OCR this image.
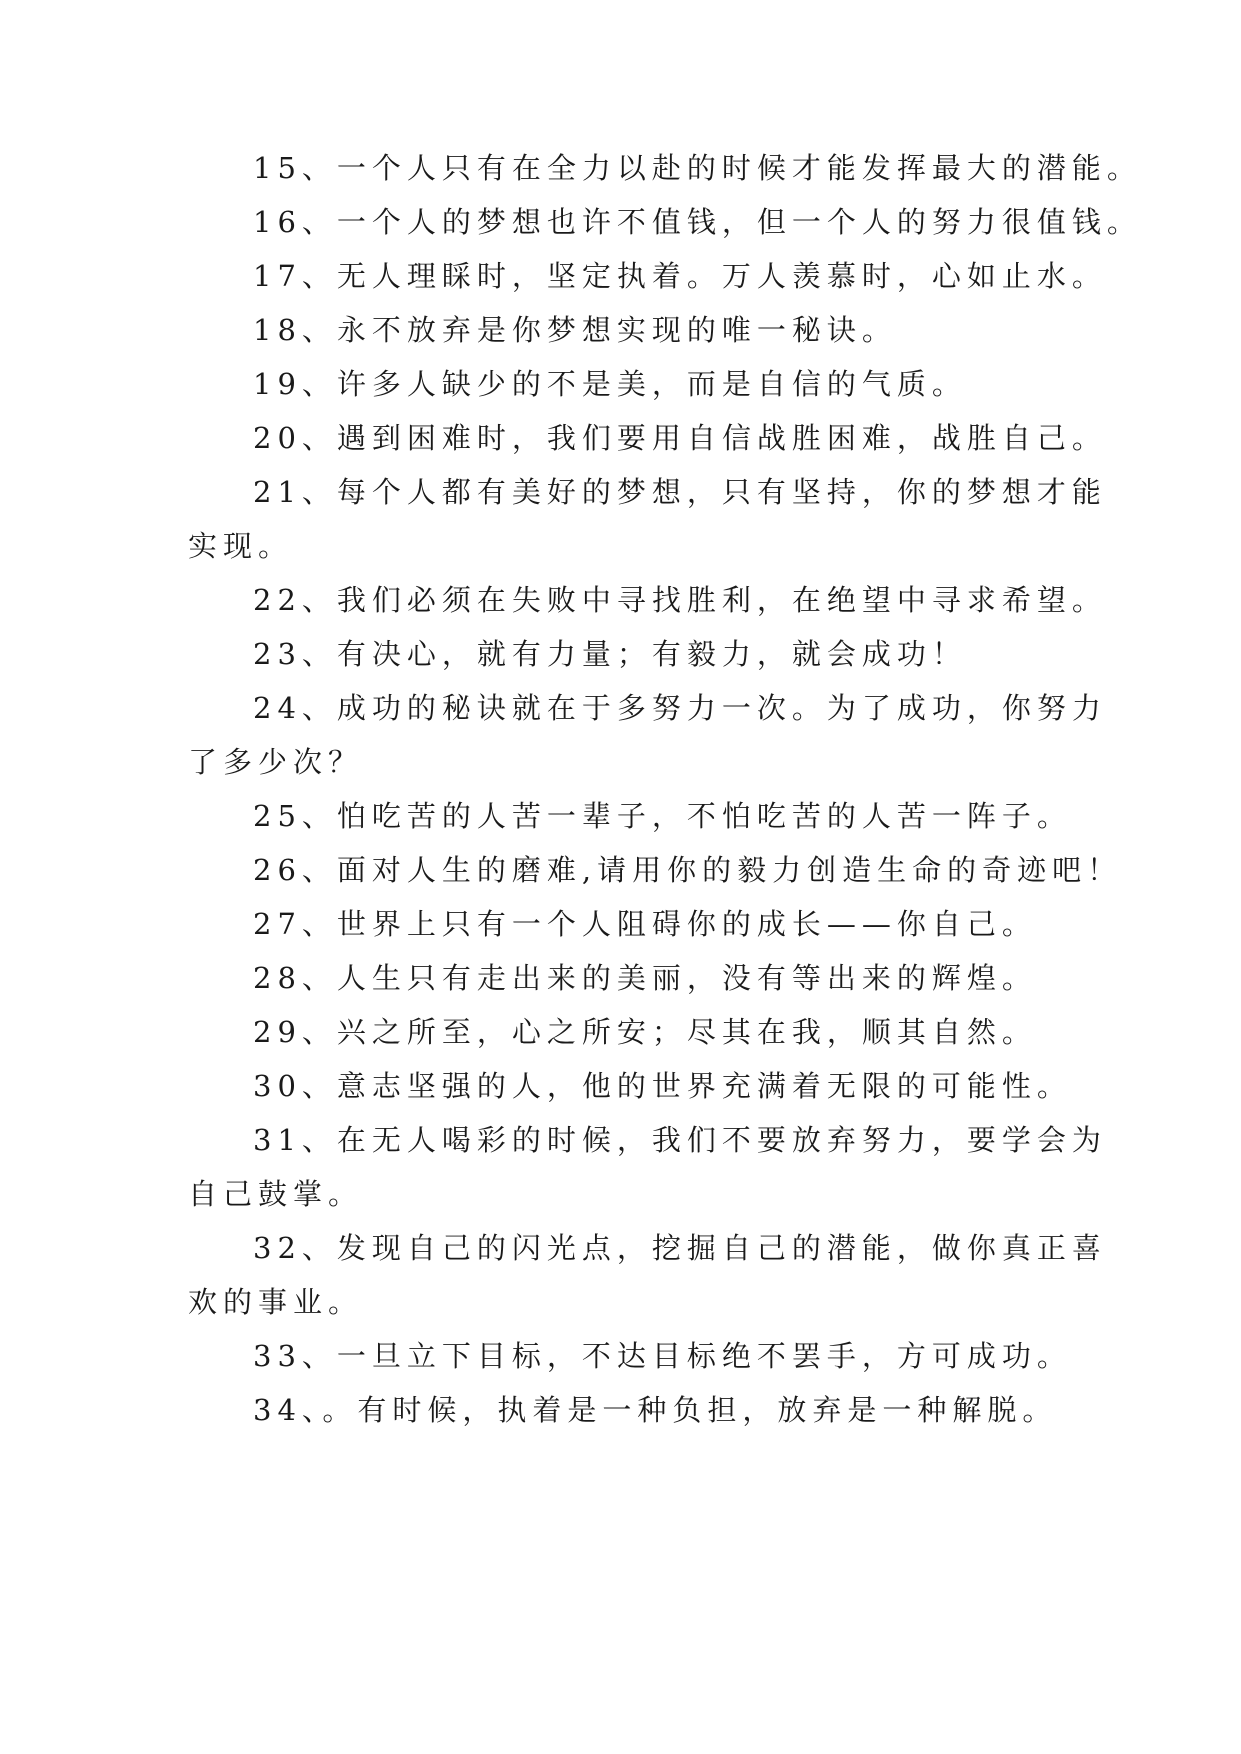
15、一个人只有在全力以赴的时候才能发挥最大的潜能。
16、一个人的梦想也许不值钱，但一个人的努力很值钱。
17、无人理睬时，坚定执着。万人羡慕时，心如止水。
18、永不放弃是你梦想实现的唯一秘诀。
19、许多人缺少的不是美，而是自信的气质。
20、遇到困难时，我们要用自信战胜困难，战胜自己。
21、每个人都有美好的梦想，只有坚持，你的梦想才能
实现。
22、我们必须在失败中寻找胜利，在绝望中寻求希望。
23、有决心，就有力量；有毅力，就会成功！
24、成功的秘诀就在于多努力一次。为了成功，你努力
了多少次？
25、怕吃苦的人苦一辈子，不怕吃苦的人苦一阵子。
26、面对人生的磨难,请用你的毅力创造生命的奇迹吧！
27、世界上只有一个人阻碍你的成长——你自己。
28、人生只有走出来的美丽，没有等出来的辉煌。
29、兴之所至，心之所安；尽其在我，顺其自然。
30、意志坚强的人，他的世界充满着无限的可能性。
31、在无人喝彩的时候，我们不要放弃努力，要学会为
自己鼓掌。
32、发现自己的闪光点，挖掘自己的潜能，做你真正喜
欢的事业。
33、一旦立下目标，不达目标绝不罢手，方可成功。
34、。有时候，执着是一种负担，放弃是一种解脱。
